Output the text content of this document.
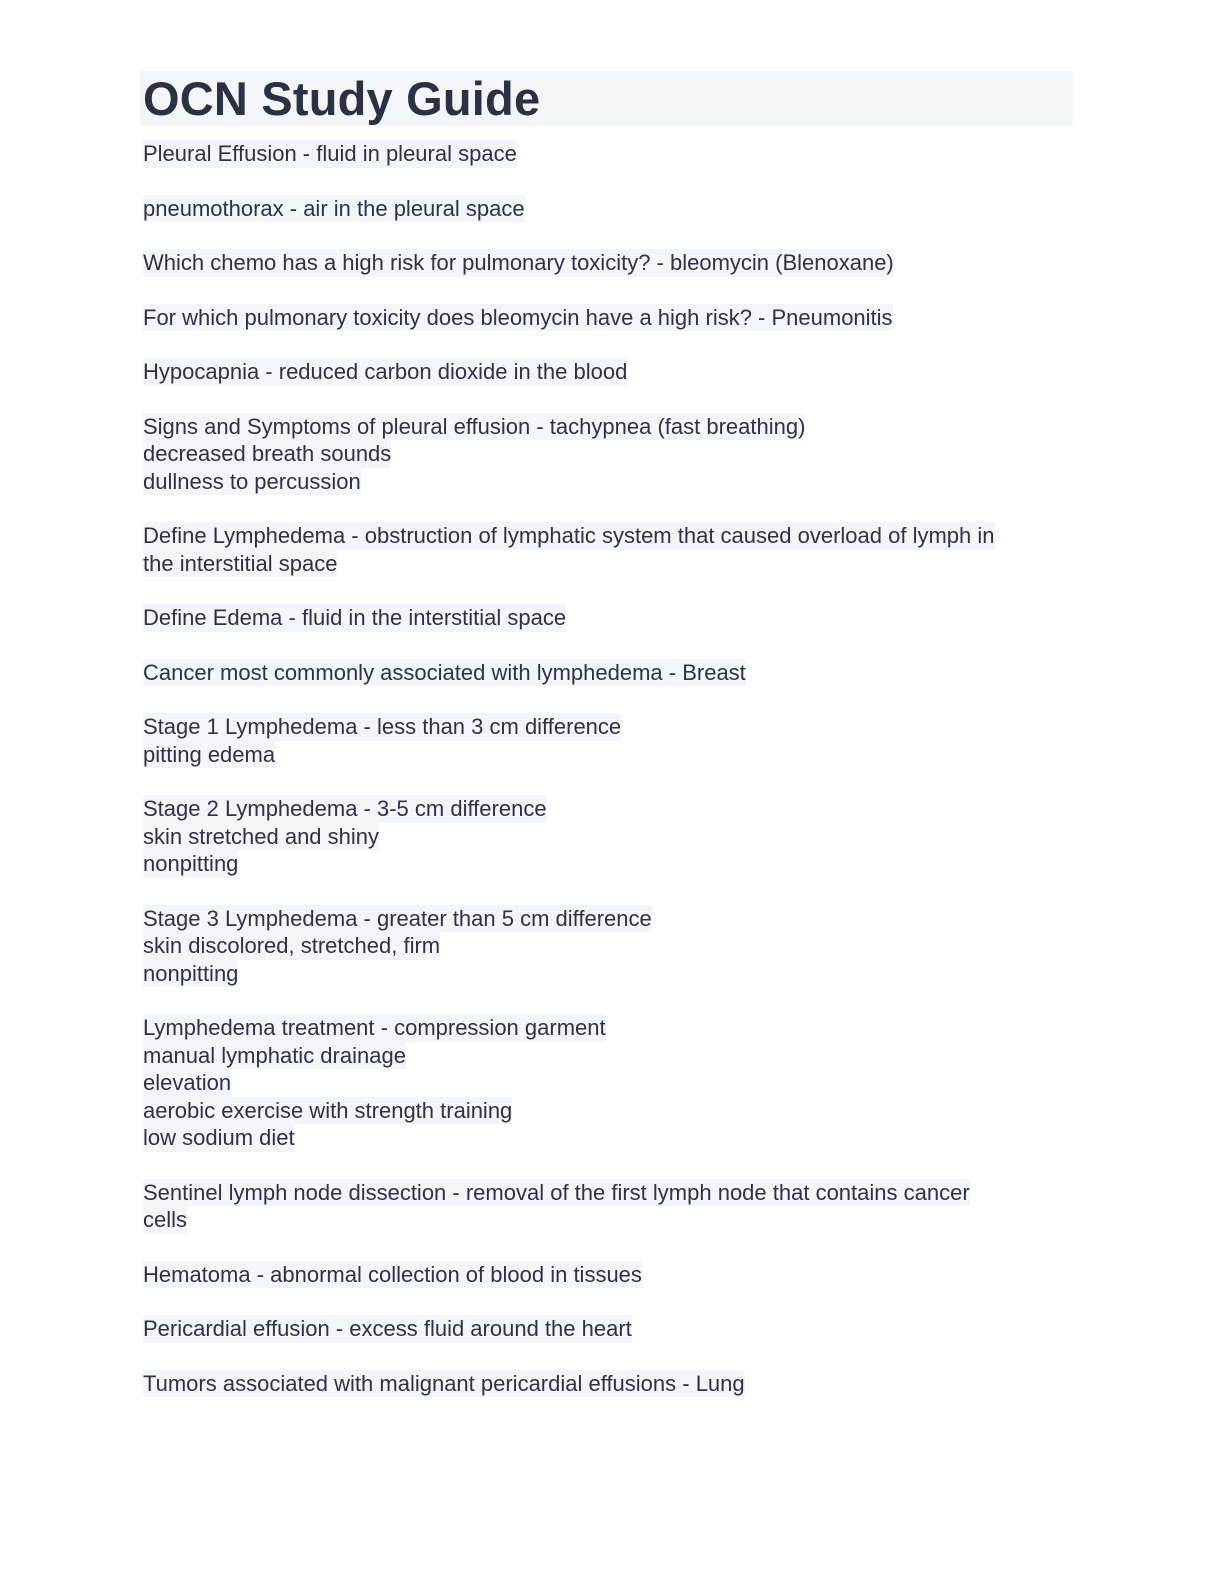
OCN Study Guide
Pleural Effusion - fluid in pleural space
pneumothorax - air in the pleural space
Which chemo has a high risk for pulmonary toxicity? - bleomycin (Blenoxane)
For which pulmonary toxicity does bleomycin have a high risk? - Pneumonitis
Hypocapnia - reduced carbon dioxide in the blood
Signs and Symptoms of pleural effusion - tachypnea (fast breathing)
decreased breath sounds
dullness to percussion
Define Lymphedema - obstruction of lymphatic system that caused overload of lymph in
the interstitial space
Define Edema - fluid in the interstitial space
Cancer most commonly associated with lymphedema - Breast
Stage 1 Lymphedema - less than 3 cm difference
pitting edema
Stage 2 Lymphedema - 3-5 cm difference
skin stretched and shiny
nonpitting
Stage 3 Lymphedema - greater than 5 cm difference
skin discolored, stretched, firm
nonpitting
Lymphedema treatment - compression garment
manual lymphatic drainage
elevation
aerobic exercise with strength training
low sodium diet
Sentinel lymph node dissection - removal of the first lymph node that contains cancer
cells
Hematoma - abnormal collection of blood in tissues
Pericardial effusion - excess fluid around the heart
Tumors associated with malignant pericardial effusions - Lung
